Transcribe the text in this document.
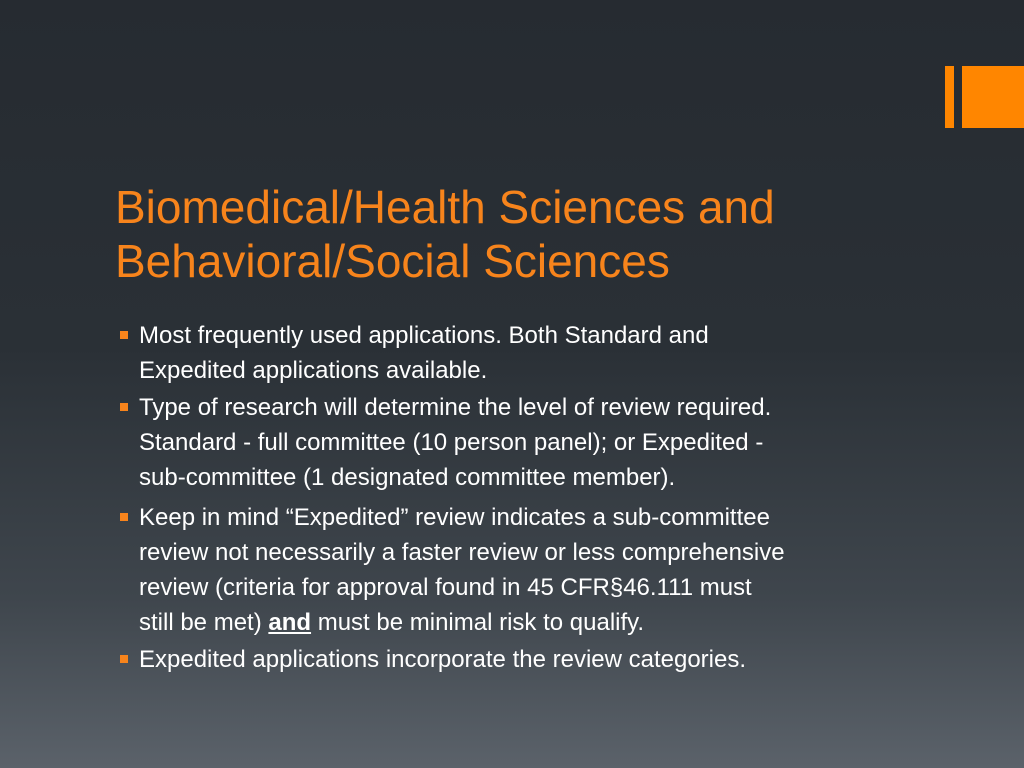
Biomedical/Health Sciences and
Behavioral/Social Sciences
Most frequently used applications. Both Standard and
Expedited applications available.
Type of research will determine the level of review required.
Standard - full committee (10 person panel); or Expedited -
sub-committee (1 designated committee member).
Keep in mind “Expedited” review indicates a sub-committee
review not necessarily a faster review or less comprehensive
review (criteria for approval found in 45 CFR§46.111 must
still be met) and must be minimal risk to qualify.
Expedited applications incorporate the review categories.
